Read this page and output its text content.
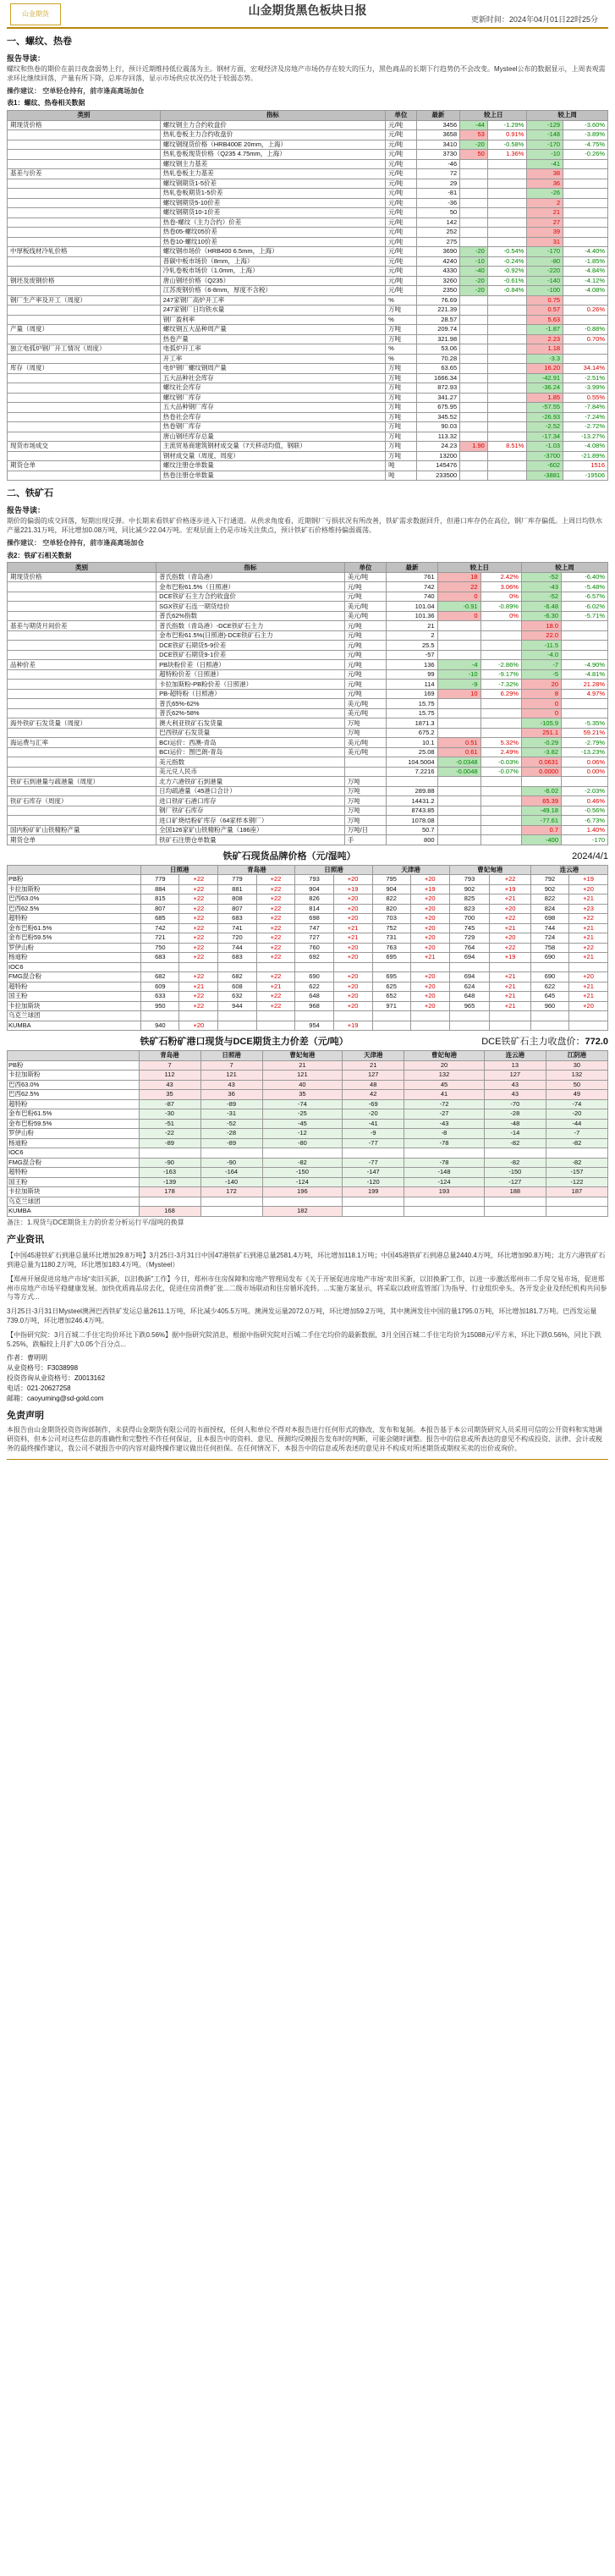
山金期货	山金期货黑色板块日报
更新时间：2024年04月01日22时25分
一、螺纹、热卷
报告导读：
螺纹和热卷的期价在前日夜盘弱势上行，预计近期维持低位震荡为主。钢材方面，宏观经济及房地产市场仍存在较大的压力，黑色商品的长期下行趋势仍不会改变。Mysteel公布的数据显示，上周表观需求环比继续回落，产量有所下降，总库存回落，显示市场供应状况仍处于较弱态势。
操作建议： 空单轻仓持有，前市逢高离场加仓
表1：螺纹、热卷相关数据
类别	指标	单位	最新	较上日		较上周	
期现货价格	螺纹钢主力合约收盘价	元/吨	3456	-44	-1.29%	-129	-3.60%
	热轧卷板主力合约收盘价	元/吨	3658	53	0.91%	-148	-3.89%
	螺纹钢现货价格（HRB400E 20mm，上海）	元/吨	3410	-20	-0.58%	-170	-4.75%
	热轧卷板现货价格（Q235 4.75mm，上海）	元/吨	3730	50	1.36%	-10	-0.26%
	螺纹钢主力基差	元/吨	-46			-41	
基差与价差	热轧卷板主力基差	元/吨	72			38	
	螺纹钢期货1-5价差	元/吨	29			36	
	热轧卷板期货1-5价差	元/吨	-81			-26	
	螺纹钢期货5-10价差	元/吨	-36			2	
	螺纹钢期货10-1价差	元/吨	50			21	
	热卷-螺纹（主力合约）价差	元/吨	142			27	
	热卷05-螺纹05价差	元/吨	252			39	
	热卷10-螺纹10价差	元/吨	275			31	
中厚板线材冷轧价格	螺纹钢市场价（HRB400 6.5mm，上海）	元/吨	3690	-20	-0.54%	-170	-4.40%
	普碳中板市场价（8mm，上海）	元/吨	4240	-10	-0.24%	-80	-1.85%
	冷轧卷板市场价（1.0mm，上海）	元/吨	4330	-40	-0.92%	-220	-4.84%
钢坯及废钢价格	唐山钢坯价格（Q235）	元/吨	3260	-20	-0.61%	-140	-4.12%
	江苏废钢价格（6-8mm，厚度不含税）	元/吨	2350	-20	-0.84%	-100	-4.08%
钢厂生产率及开工（周度）	247家钢厂高炉开工率	%	76.69			0.75	
	247家钢厂日均铁水量	万吨	221.39			0.57	0.26%
	钢厂盈利率	%	28.57			5.63	
产量（周度）	螺纹钢五大品种周产量	万吨	209.74			-1.87	-0.88%
	热卷产量	万吨	321.98			2.23	0.70%
独立电弧炉钢厂开工情况（周度）	电弧炉开工率	%	53.06			1.18	
	开工率	%	70.28			-3.3	
库存（周度）	电炉钢厂螺纹钢周产量	万吨	63.65			16.20	34.14%
	五大品种社会库存	万吨	1666.34			-42.91	-2.51%
	螺纹社会库存	万吨	872.93			-36.24	-3.99%
	螺纹钢厂库存	万吨	341.27			1.85	0.55%
	五大品种钢厂库存	万吨	675.95			-57.55	-7.84%
	热卷社会库存	万吨	345.52			-26.93	-7.24%
	热卷钢厂库存	万吨	90.03			-2.52	-2.72%
	唐山钢坯库存总量	万吨	113.32			-17.34	-13.27%
现货市场成交	主流贸易商建筑钢材成交量（7天移动均值，钢联）	万吨	24.23	1.90	8.51%	-1.03	-4.08%
	钢材成交量（周度，周度）	万吨	13200			-3700	-21.89%
期货仓单	螺纹注册仓单数量	吨	145476			-602	1516
	热卷注册仓单数量	吨	233500			-3881	-19506
二、铁矿石
报告导读：
期价的偏弱的成交回落，短期出现反弹。中长期来看铁矿价格逐步进入下行通道。从供求角度看，近期钢厂亏损状况有所改善，铁矿需求数据回升，但港口库存仍在高位，钢厂库存偏低。上周日均铁水产量221.31万吨，环比增加0.08万吨，同比减少22.04万吨。宏观层面上仍是市场关注焦点，预计铁矿石价格维持偏弱震荡。
操作建议： 空单轻仓持有，前市逢高离场加仓
表2：铁矿石相关数据
类别	指标	单位	最新	较上日		较上周	
期现货价格	普氏指数（青岛港）	美元/吨	761	18	2.42%	-52	-6.40%
	金布巴粉61.5%（日照港）	元/吨	742	22	3.06%	-43	-5.48%
	DCE铁矿石主力合约收盘价	元/吨	740	0	0%	-52	-6.57%
	SGX铁矿石连一期货结价	美元/吨	101.04	-0.91	-0.89%	-6.48	-6.02%
	普氏62%指数	美元/吨	101.36	0	0%	-6.30	-5.71%
基差与期货月间价差	普氏指数（青岛港）-DCE铁矿石主力	元/吨	21			18.0	
	金布巴粉61.5%(日照港)-DCE铁矿石主力	元/吨	2			22.0	
	DCE铁矿石期货5-9价差	元/吨	25.5			-11.5	
	DCE铁矿石期货9-1价差	元/吨	-57			-4.0	
品种价差	PB块粉价差（日照港）	元/吨	136	-4	-2.86%	-7	-4.90%
	超特粉价差（日照港）	元/吨	99	-10	-9.17%	-5	-4.81%
	卡拉加斯粉-PB粉价差（日照港）	元/吨	114	-9	-7.32%	20	21.28%
	PB-超特粉（日照港）	元/吨	169	10	6.29%	8	4.97%
	普氏65%-62%	美元/吨	15.75			0	
	普氏62%-58%	美元/吨	15.75			0	
海外铁矿石发货量（周度）	澳大利亚铁矿石发货量	万吨	1871.3			-105.9	-5.35%
	巴西铁矿石发货量	万吨	675.2			251.1	59.21%
海运费与汇率	BCI运价：西澳-青岛	美元/吨	10.1	0.51	5.32%	-0.29	-2.79%
	BCI运价：图巴朗-青岛	美元/吨	25.08	0.61	2.49%	-3.82	-13.23%
	美元指数		104.5004	-0.0348	-0.03%	0.0631	0.06%
	美元兑人民币		7.2216	-0.0048	-0.07%	0.0000	0.00%
铁矿石到港量与疏港量（周度）	北方六港铁矿石到港量	万吨					
	日均疏港量（45港口合计）	万吨	289.88			-6.02	-2.03%
铁矿石库存（周度）	进口铁矿石港口库存	万吨	14431.2			65.39	0.46%
	钢厂铁矿石库存	万吨	8743.85			-49.18	-0.56%
	进口矿烧结粉矿库存（64家样本钢厂）	万吨	1078.08			-77.61	-6.73%
国内粉矿矿山铁精粉产量	全国126家矿山铁精粉产量（186座）	万吨/日	50.7			0.7	1.40%
期货仓单	铁矿石注册仓单数量	手	800			-400	-170
铁矿石现货品牌价格（元/湿吨）	2024/4/1
	日照港		青岛港		日照港		天津港		曹妃甸港		连云港	
PB粉	779	+22	779	+22	793	+20	795	+20	793	+22	792	+19
卡拉加斯粉	884	+22	881	+22	904	+19	904	+19	902	+19	902	+20
巴西63.0%	815	+22	808	+22	826	+20	822	+20	825	+21	822	+21
巴西62.5%	807	+22	807	+22	814	+20	820	+20	823	+20	824	+23
超特粉	685	+22	683	+22	698	+20	703	+20	700	+22	698	+22
金布巴粉61.5%	742	+22	741	+22	747	+21	752	+20	745	+21	744	+21
金布巴粉59.5%	721	+22	720	+22	727	+21	731	+20	729	+20	724	+21
罗伊山粉	750	+22	744	+22	760	+20	763	+20	764	+22	758	+22
杨迪粉	683	+22	683	+22	692	+20	695	+21	694	+19	690	+21
IOC6												
FMG混合粉	682	+22	682	+22	690	+20	695	+20	694	+21	690	+20
超特粉	609	+21	608	+21	622	+20	625	+20	624	+21	622	+21
国王粉	633	+22	632	+22	648	+20	652	+20	648	+21	645	+21
卡拉加斯块	950	+22	944	+22	968	+20	971	+20	965	+21	960	+20
乌克兰球团												
KUMBA	940	+20			954	+19						
铁矿石粉矿港口现货与DCE期货主力价差（元/吨）	DCE铁矿石主力收盘价：772.0
	青岛港	日照港	曹妃甸港	天津港	曹妃甸港	连云港	江阴港
PB粉	7	7	21	21	20	13	30
卡拉加斯粉	112	121	121	127	132	127	132
巴西63.0%	43	43	40	48	45	43	50
巴西62.5%	35	36	35	42	41	43	49
超特粉	-87	-89	-74	-69	-72	-70	-74
金布巴粉61.5%	-30	-31	-25	-20	-27	-28	-20
金布巴粉59.5%	-51	-52	-45	-41	-43	-48	-44
罗伊山粉	-22	-28	-12	-9	-8	-14	-7
杨迪粉	-89	-89	-80	-77	-78	-82	-82
IOC6							
FMG混合粉	-90	-90	-82	-77	-78	-82	-82
超特粉	-163	-164	-150	-147	-148	-150	-157
国王粉	-139	-140	-124	-120	-124	-127	-122
卡拉加斯块	178	172	196	199	193	188	187
乌克兰球团							
KUMBA	168		182				
备注：1.现货与DCE期货主力的价差分析运行平/湿吨的换算
产业资讯

【中国45港铁矿石到港总量环比增加29.8万吨】3月25日-3月31日中国47港铁矿石到港总量2581.4万吨，环比增加118.1万吨；中国45港铁矿石到港总量2440.4万吨，环比增加90.8万吨；北方六港铁矿石到港总量为1180.2万吨，环比增加183.4万吨。（Mysteel）

【郑州开展促进房地产市场“卖旧买新，以旧换新”工作】今日，郑州市住房保障和房地产管理局发布《关于开展促进房地产市场“卖旧买新，以旧换新”工作，以进一步激活郑州市二手房交易市场，促进郑州市房地产市场平稳健康发展。加快优质商品房去化，促进住房消费扩张...二级市场联动和住房循环流转。...实施方案显示，将采取以政府监管部门为指导、行业组织牵头、各开发企业及经纪机构共同参与等方式...

3月25日-3月31日Mysteel澳洲巴西铁矿发运总量2611.1万吨，环比减少405.5万吨。澳洲发运量2072.0万吨，环比增加59.2万吨，其中澳洲发往中国的量1795.0万吨，环比增加181.7万吨。巴西发运量739.0万吨，环比增加246.4万吨。

【中指研究院：3月百城二手住宅均价环比下跌0.56%】据中指研究院消息，根据中指研究院对百城二手住宅均价的最新数据，3月全国百城二手住宅均价为15088元/平方米，环比下跌0.56%，同比下跌5.25%，跌幅较上月扩大0.05个百分点...

作者：曹明明

从业资格号：F3038998

投资咨询从业资格号：Z0013162

电话：021-20627258

邮箱：caoyuming@sd-gold.com

免责声明
本报告由山金期货投资咨询部制作，未获得山金期货有限公司的书面授权，任何人和单位不得对本报告进行任何形式的修改、发布和复制。本报告基于本公司期货研究人员采用可信的公开资料和实地调研资料，但本公司对这些信息的准确性和完整性不作任何保证，且本报告中的资料、意见、预测均反映报告发布时的判断，可能会随时调整。报告中的信息或所表达的意见不构成投资、法律、会计或税务的最终操作建议，我公司不就报告中的内容对最终操作建议做出任何担保。在任何情况下，本报告中的信息或所表述的意见并不构成对所述期货或期权买卖的出价或询价。
